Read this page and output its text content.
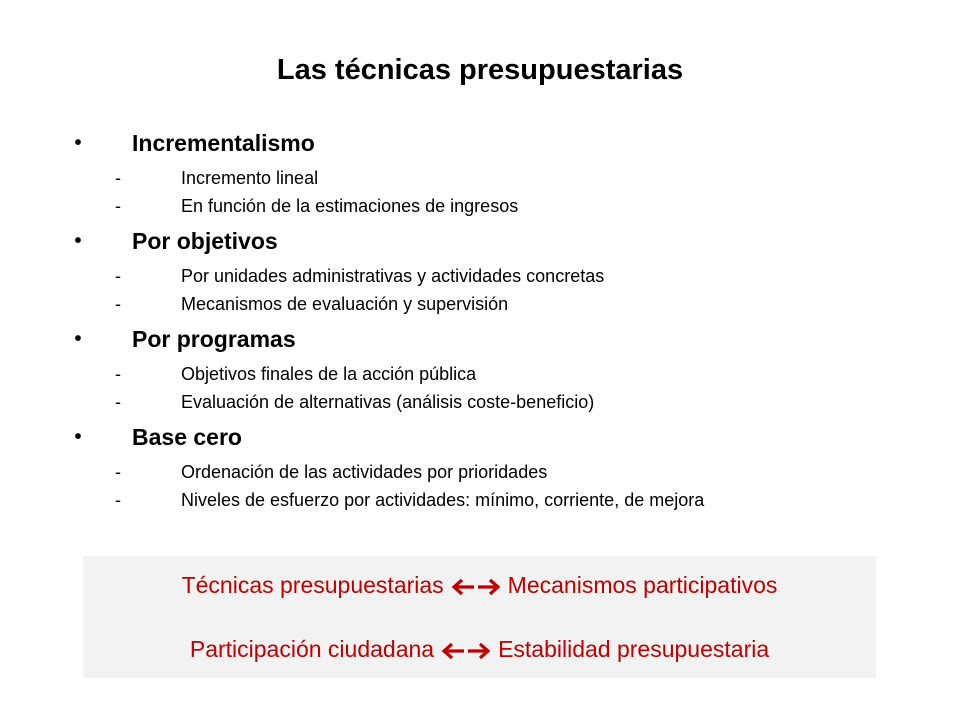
Las técnicas presupuestarias
• Incrementalismo
-	Incremento lineal
-	En función de la estimaciones de ingresos
• Por objetivos
-	Por unidades administrativas y actividades concretas
-	Mecanismos de evaluación y supervisión
• Por programas
-	Objetivos finales de la acción pública
-	Evaluación de alternativas (análisis coste-beneficio)
• Base cero
-	Ordenación de las actividades por prioridades
-	Niveles de esfuerzo por actividades: mínimo, corriente, de mejora
Técnicas presupuestarias	Mecanismos participativos
Participación ciudadana	Estabilidad presupuestaria
